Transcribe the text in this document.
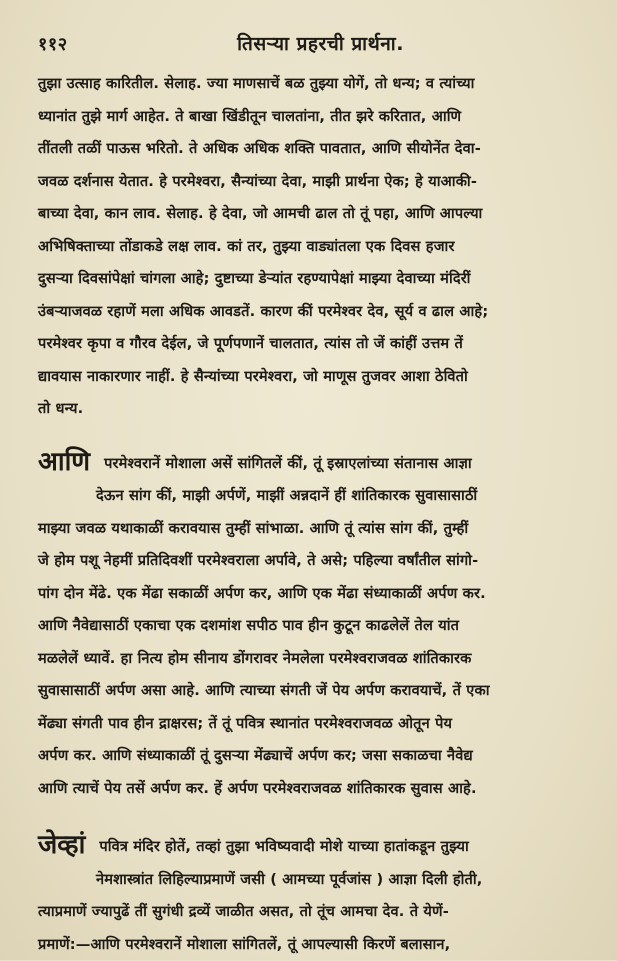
११२	तिसऱ्या प्रहरची प्रार्थना.

तुझा उत्साह कारितील. सेलाह. ज्या माणसाचें बळ तुझ्या योगें, तो धन्य; व त्यांच्या

ध्यानांत तुझे मार्ग आहेत. ते बाखा खिंडीतून चालतांना, तीत झरे करितात, आणि

तींतली तळीं पाऊस भरितो. ते अधिक अधिक शक्ति पावतात, आणि सीयोनेंत देवा-

जवळ दर्शनास येतात. हे परमेश्वरा, सैन्यांच्या देवा, माझी प्रार्थना ऐक; हे याआकी-

बाच्या देवा, कान लाव. सेलाह. हे देवा, जो आमची ढाल तो तूं पहा, आणि आपल्या

अभिषिक्ताच्या तोंडाकडे लक्ष लाव. कां तर, तुझ्या वाड्यांतला एक दिवस हजार

दुसऱ्या दिवसांपेक्षां चांगला आहे; दुष्टाच्या डेऱ्यांत रहण्यापेक्षां माझ्या देवाच्या मंदिरीं

उंबऱ्याजवळ रहाणें मला अधिक आवडतें. कारण कीं परमेश्वर देव, सूर्य व ढाल आहे;

परमेश्वर कृपा व गौरव देईल, जे पूर्णपणानें चालतात, त्यांस तो जें कांहीं उत्तम तें

द्यावयास नाकारणार नाहीं. हे सैन्यांच्या परमेश्वरा, जो माणूस तुजवर आशा ठेवितो

तो धन्य.

आणि परमेश्वरानें मोशाला असें सांगितलें कीं, तूं इस्राएलांच्या संतानास आज्ञा

देऊन सांग कीं, माझी अर्पणें, माझीं अन्नदानें हीं शांतिकारक सुवासासाठीं

माझ्या जवळ यथाकाळीं करावयास तुम्हीं सांभाळा. आणि तूं त्यांस सांग कीं, तुम्हीं

जे होम पशू नेहमीं प्रतिदिवशीं परमेश्वराला अर्पावे, ते असे; पहिल्या वर्षांतील सांगो-

पांग दोन मेंढे. एक मेंढा सकाळीं अर्पण कर, आणि एक मेंढा संध्याकाळीं अर्पण कर.

आणि नैवेद्यासाठीं एकाचा एक दशमांश सपीठ पाव हीन कुटून काढलेलें तेल यांत

मळलेलें ध्यावें. हा नित्य होम सीनाय डोंगरावर नेमलेला परमेश्वराजवळ शांतिकारक

सुवासासाठीं अर्पण असा आहे. आणि त्याच्या संगती जें पेय अर्पण करावयाचें, तें एका

मेंढ्या संगती पाव हीन द्राक्षरस; तें तूं पवित्र स्थानांत परमेश्वराजवळ ओतून पेय

अर्पण कर. आणि संध्याकाळीं तूं दुसऱ्या मेंढ्याचें अर्पण कर; जसा सकाळचा नैवेद्य

आणि त्याचें पेय तसें अर्पण कर. हें अर्पण परमेश्वराजवळ शांतिकारक सुवास आहे.

जेव्हां पवित्र मंदिर होतें, तव्हां तुझा भविष्यवादी मोशे याच्या हातांकडून तुझ्या

नेमशास्त्रांत लिहिल्याप्रमाणें जसी ( आमच्या पूर्वजांस ) आज्ञा दिली होती,

त्याप्रमाणें ज्यापुढें तीं सुगंधी द्रव्यें जाळीत असत, तो तूंच आमचा देव. ते येणें-

प्रमाणें:—आणि परमेश्वरानें मोशाला सांगितलें, तूं आपल्यासी किरणें बलासान,
